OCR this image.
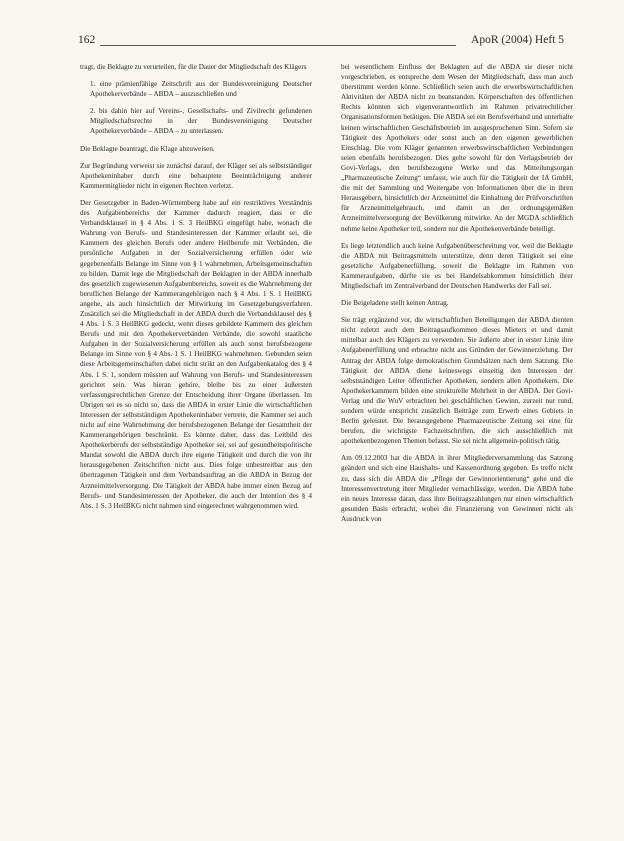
162	ApoR (2004) Heft 5

tragt, die Beklagte zu verurteilen, für die Dauer der Mitgliedschaft des Klägers

1. eine prämienfähige Zeitschrift aus der Bundesvereinigung Deutscher Apothekerverbände – ABDA – auszuschließen und

2. bis dahin hier auf Vereins-, Gesellschafts- und Zivilrecht gefundenen Mitgliedschaftsrechte in der Bundesvereinigung Deutscher Apothekerverbände – ABDA – zu unterlassen.

Die Beklagte beantragt, die Klage abzuweisen.

Zur Begründung verweist sie zunächst darauf, der Kläger sei als selbstständiger Apothekeninhaber durch eine behauptete Beeinträchtigung anderer Kammermitglieder nicht in eigenen Rechten verletzt.

Der Gesetzgeber in Baden-Württemberg habe auf ein restriktives Verständnis des Aufgabenbereichs der Kammer dadurch reagiert, dass er die Verbandsklausel in § 4 Abs. 1 S. 3 HeilBKG eingefügt habe, wonach die Wahrung von Berufs- und Standesinteressen der Kammer erlaubt sei, die Kammern des gleichen Berufs oder andere Heilberufe mit Verbänden, die persönliche Aufgaben in der Sozialversicherung erfüllen oder wie gegebenenfalls Belange im Sinne von § 1 wahrnehmen, Arbeitsgemeinschaften zu bilden. Damit lege die Mitgliedschaft der Beklagten in der ABDA innerhalb des gesetzlich zugewiesenen Aufgabenbereichs, soweit es die Wahrnehmung der beruflichen Belange der Kammerangehörigen nach § 4 Abs. 1 S. 1 HeilBKG angehe, als auch hinsichtlich der Mitwirkung im Gesetzgebungsverfahren. Zusätzlich sei die Mitgliedschaft in der ABDA durch die Verbandsklausel des § 4 Abs. 1 S. 3 HeilBKG gedeckt, wenn dieses gebildete Kammern des gleichen Berufs und mit den Apothekerverbänden Verbände, die sowohl staatliche Aufgaben in der Sozialversicherung erfüllen als auch sonst berufsbezogene Belange im Sinne von § 4 Abs. 1 S. 1 HeilBKG wahrnehmen. Gebunden seien diese Arbeitsgemeinschaften dabei nicht strikt an den Aufgabenkatalog des § 4 Abs. 1 S. 1, sondern müssten auf Wahrung von Berufs- und Standesinteressen gerichtet sein. Was hieran gehöre, bleibe bis zu einer äußersten verfassungsrechtlichen Grenze der Entscheidung ihrer Organe überlassen. Im Übrigen sei es so nicht so, dass die ABDA in erster Linie die wirtschaftlichen Interessen der selbstständigen Apothekeninhaber vertrete, die Kammer sei auch nicht auf eine Wahrnehmung der berufsbezogenen Belange der Gesamtheit der Kammerangehörigen beschränkt. Es könnte daher, dass das Leitbild des Apothekerberufs der selbstständige Apotheker sei, sei auf gesundheitspolitische Mandat sowohl die ABDA durch ihre eigene Tätigkeit und durch die von ihr herausgegebenen Zeitschriften nicht aus. Dies folge unbestreitbar aus den übertragenen Tätigkeit und dem Verbandsauftrag an die ABDA in Bezug der Arzneimittelversorgung. Die Tätigkeit der ABDA habe immer einen Bezug auf Berufs- und Standesinteressen der Apotheker, die auch der Intention des § 4 Abs. 1 S. 3 HeilBKG nicht nahmen sind eingerechnet wahrgenommen wird.

bei wesentlichem Einfluss der Beklagten auf die ABDA sie dieser nicht vorgeschrieben, es entspreche dem Wesen der Mitgliedschaft, dass man auch überstimmt werden könne. Schließlich seien auch die erwerbswirtschaftlichen Aktivitäten der ABDA nicht zu beanstanden. Körperschaften des öffentlichen Rechts könnten sich eigenverantwortlich im Rahmen privatrechtlicher Organisationsformen betätigen. Die ABDA sei ein Berufsverband und unterhalte keinen wirtschaftlichen Geschäftsbetrieb im ausgesprochenen Sinn. Sofern sie Tätigkeit des Apothekers oder sonst auch an den eigenen gewerblichen Einschlag. Die vom Kläger genannten erwerbswirtschaftlichen Verbindungen seien ebenfalls berufsbezogen. Dies gelte sowohl für den Verlagsbetrieb der Govi-Verlags, den berufsbezogene Werke und das Mitteilungsorgan „Pharmazeutische Zeitung“ umfasst, wie auch für die Tätigkeit der IA GmbH, die mit der Sammlung und Weitergabe von Informationen über die in ihren Herausgebern, hinsichtlich der Arzneimittel die Einhaltung der Prüfvorschriften für Arzneimittelgebrauch, und damit an der ordnungsgemäßen Arzneimittelversorgung der Bevölkerung mitwirke. An der MGDA schließlich nehme keine Apotheker teil, sondern nur die Apothekenverbände beteiligt.

Es liege letztendlich auch keine Aufgabenüberschreitung vor, weil die Beklagte die ABDA mit Beitragsmitteln unterstütze, denn deren Tätigkeit sei eine gesetzliche Aufgabenerfüllung, soweit die Beklagte im Rahmen von Kammeraufgaben, dürfte sie es bei Handelsabkommen hinsichtlich ihrer Mitgliedschaft im Zentralverband der Deutschen Handwerks der Fall sei.

Die Beigeladene stellt keinen Antrag.

Sie trägt ergänzend vor, die wirtschaftlichen Beteiligungen der ABDA dienten nicht zuletzt auch dem Beitragsaufkommen dieses Mieters et und damit mittelbar auch des Klägers zu verwenden. Sie äußerte aber in erster Linie ihre Aufgabenerfüllung und erbrachte nicht aus Gründen der Gewinnerzielung. Der Antrag der ABDA folge demokratischen Grundsätzen nach dem Satzung. Die Tätigkeit der ABDA diene keineswegs einseitig den Interessen der selbstständigen Leiter öffentlicher Apotheken, sondern allen Apothekern. Die Apothekerkammern bilden eine strukturelle Mehrheit in der ABDA. Der Govi-Verlag und die WuV erbrachten bei geschäftlichen Gewinn, zurzeit nur rund, sondern würde entspricht zusätzlich Beiträge zum Erwerb eines Gebiets in Berlin geleistet. Die herausgegebene Pharmazeutische Zeitung sei eine für berufen, die wichtigste Fachzeitschriften, die sich ausschließlich mit apothekenbezogenen Themen befasst. Sie sei nicht allgemein-politisch tätig.

Am 09.12.2003 hat die ABDA in ihrer Mitgliederversammlung das Satzung geändert und sich eine Haushalts- und Kassenordnung gegeben. Es treffe nicht zu, dass sich die ABDA die „Pflege der Gewinnorientierung“ gehe und die Interessenvertretung ihrer Mitglieder vernachlässige, werden. Die ABDA habe ein neues Interesse daran, dass ihre Beitragszahlungen nur einen wirtschaftlich gesunden Basis erbracht, wobei die Finanzierung von Gewinnen nicht als Ausdruck von
